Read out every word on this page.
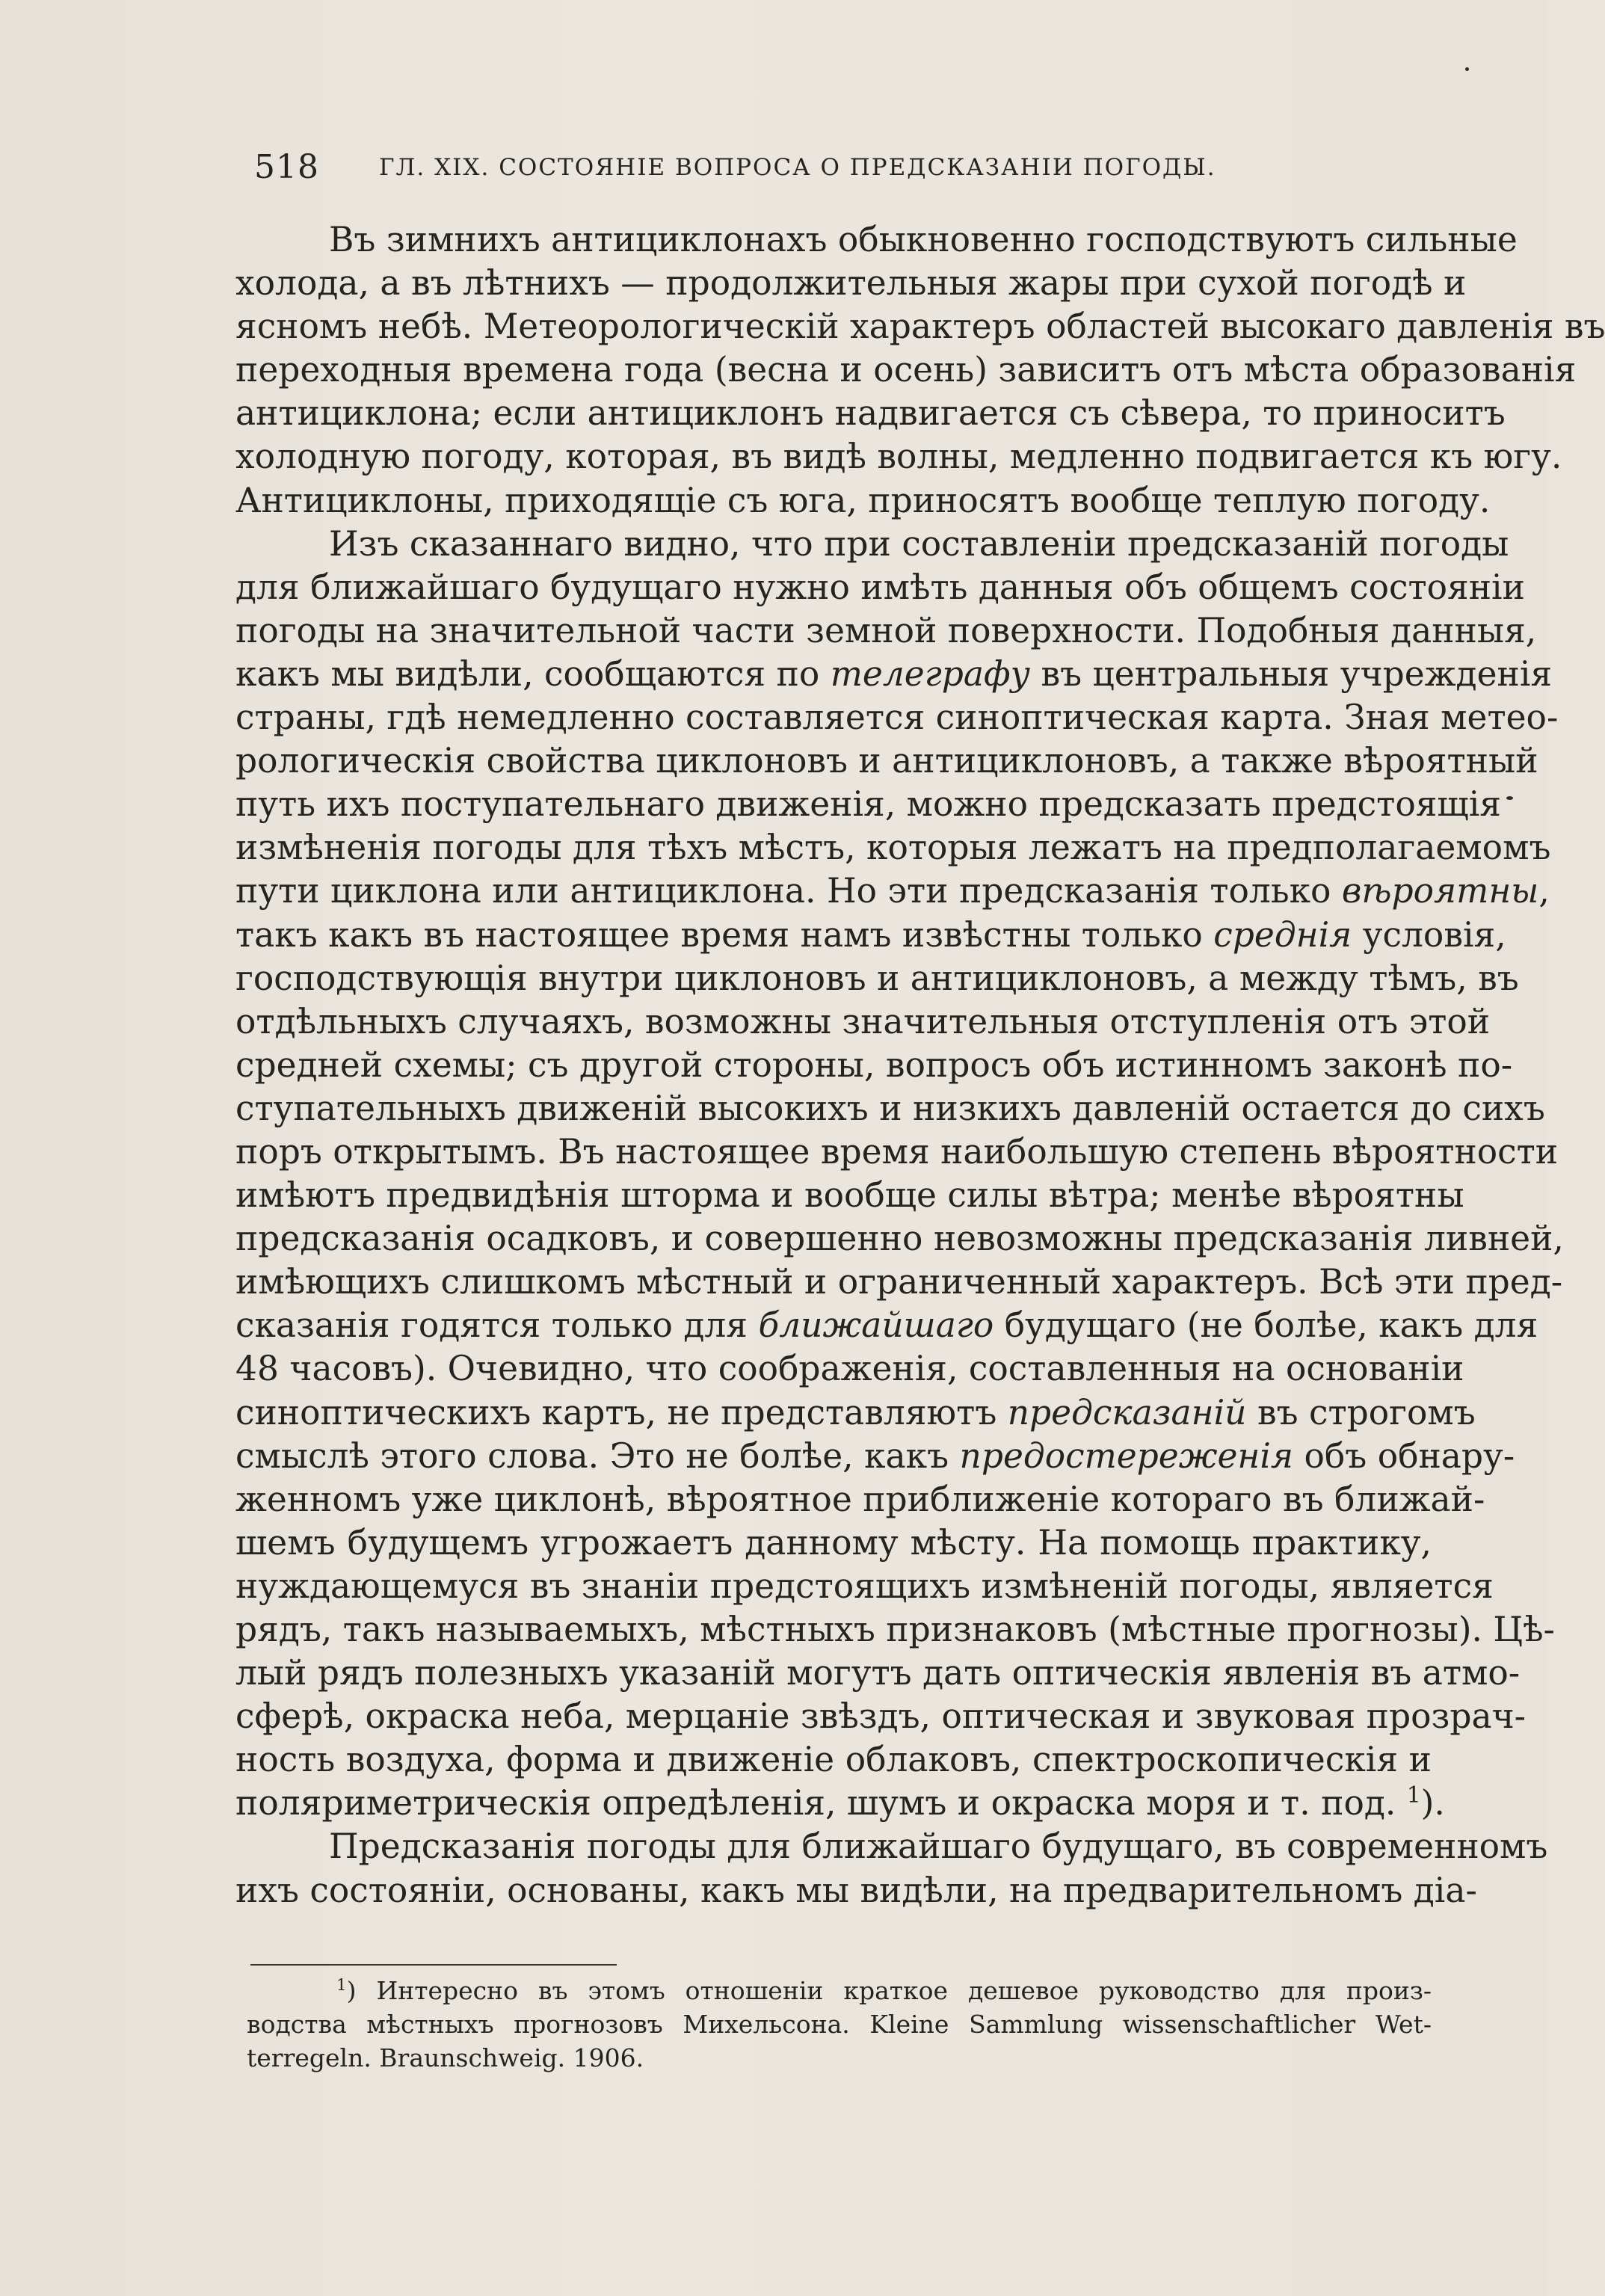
518	ГЛ. XIX. СОСТОЯНІЕ ВОПРОСА О ПРЕДСКАЗАНІИ ПОГОДЫ.

Въ зимнихъ антициклонахъ обыкновенно господствуютъ сильные
холода, а въ лѣтнихъ — продолжительныя жары при сухой погодѣ и
ясномъ небѣ. Метеорологическій характеръ областей высокаго давленія въ
переходныя времена года (весна и осень) зависитъ отъ мѣста образованія
антициклона; если антициклонъ надвигается съ сѣвера, то приноситъ
холодную погоду, которая, въ видѣ волны, медленно подвигается къ югу.
Антициклоны, приходящіе съ юга, приносятъ вообще теплую погоду.

Изъ сказаннаго видно, что при составленіи предсказаній погоды
для ближайшаго будущаго нужно имѣть данныя объ общемъ состояніи
погоды на значительной части земной поверхности. Подобныя данныя,
какъ мы видѣли, сообщаются по телеграфу въ центральныя учрежденія
страны, гдѣ немедленно составляется синоптическая карта. Зная метео-
рологическія свойства циклоновъ и антициклоновъ, а также вѣроятный
путь ихъ поступательнаго движенія, можно предсказать предстоящія
измѣненія погоды для тѣхъ мѣстъ, которыя лежатъ на предполагаемомъ
пути циклона или антициклона. Но эти предсказанія только вѣроятны,
такъ какъ въ настоящее время намъ извѣстны только среднія условія,
господствующія внутри циклоновъ и антициклоновъ, а между тѣмъ, въ
отдѣльныхъ случаяхъ, возможны значительныя отступленія отъ этой
средней схемы; съ другой стороны, вопросъ объ истинномъ законѣ по-
ступательныхъ движеній высокихъ и низкихъ давленій остается до сихъ
поръ открытымъ. Въ настоящее время наибольшую степень вѣроятности
имѣютъ предвидѣнія шторма и вообще силы вѣтра; менѣе вѣроятны
предсказанія осадковъ, и совершенно невозможны предсказанія ливней,
имѣющихъ слишкомъ мѣстный и ограниченный характеръ. Всѣ эти пред-
сказанія годятся только для ближайшаго будущаго (не болѣе, какъ для
48 часовъ). Очевидно, что соображенія, составленныя на основаніи
синоптическихъ картъ, не представляютъ предсказаній въ строгомъ
смыслѣ этого слова. Это не болѣе, какъ предостереженія объ обнару-
женномъ уже циклонѣ, вѣроятное приближеніе котораго въ ближай-
шемъ будущемъ угрожаетъ данному мѣсту. На помощь практику,
нуждающемуся въ знаніи предстоящихъ измѣненій погоды, является
рядъ, такъ называемыхъ, мѣстныхъ признаковъ (мѣстные прогнозы). Цѣ-
лый рядъ полезныхъ указаній могутъ дать оптическія явленія въ атмо-
сферѣ, окраска неба, мерцаніе звѣздъ, оптическая и звуковая прозрач-
ность воздуха, форма и движеніе облаковъ, спектроскопическія и
поляриметрическія опредѣленія, шумъ и окраска моря и т. под. $^1$).

Предсказанія погоды для ближайшаго будущаго, въ современномъ
ихъ состояніи, основаны, какъ мы видѣли, на предварительномъ діа-

$^1$) Интересно въ этомъ отношеніи краткое дешевое руководство для произ-
водства мѣстныхъ прогнозовъ Михельсона. Kleine Sammlung wissenschaftlicher Wet-
terregeln. Braunschweig. 1906.
